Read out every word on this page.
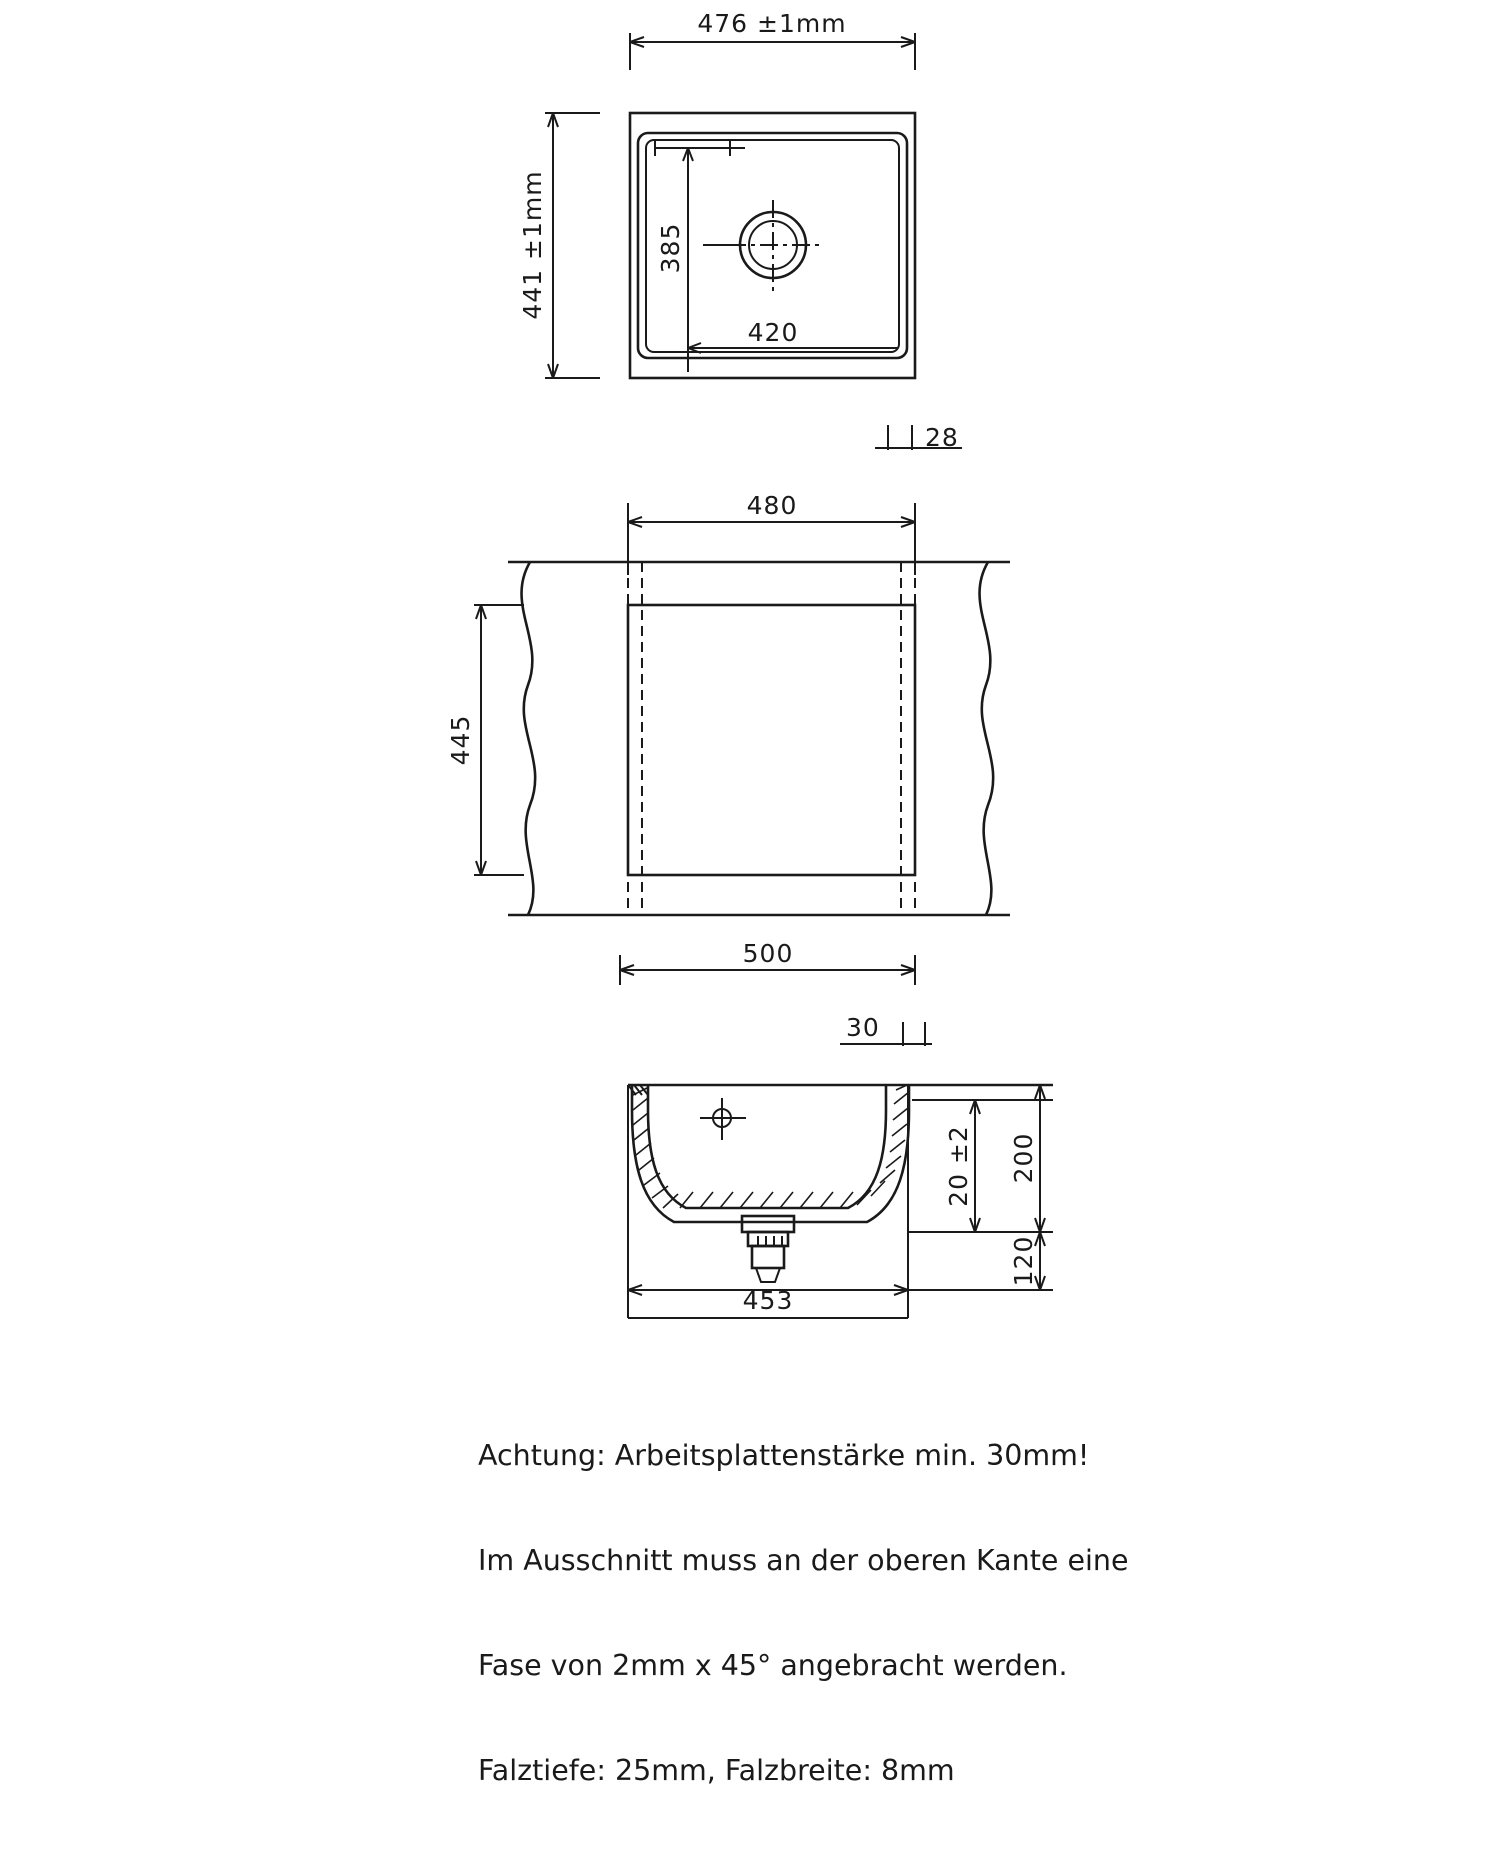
476 ±1mm
441 ±1mm	385
420
28
480
445
500
30
20 ±2 200
120
453

Achtung: Arbeitsplattenstärke min. 30mm!

Im Ausschnitt muss an der oberen Kante eine

Fase von 2mm x 45° angebracht werden.

Falztiefe: 25mm, Falzbreite: 8mm
